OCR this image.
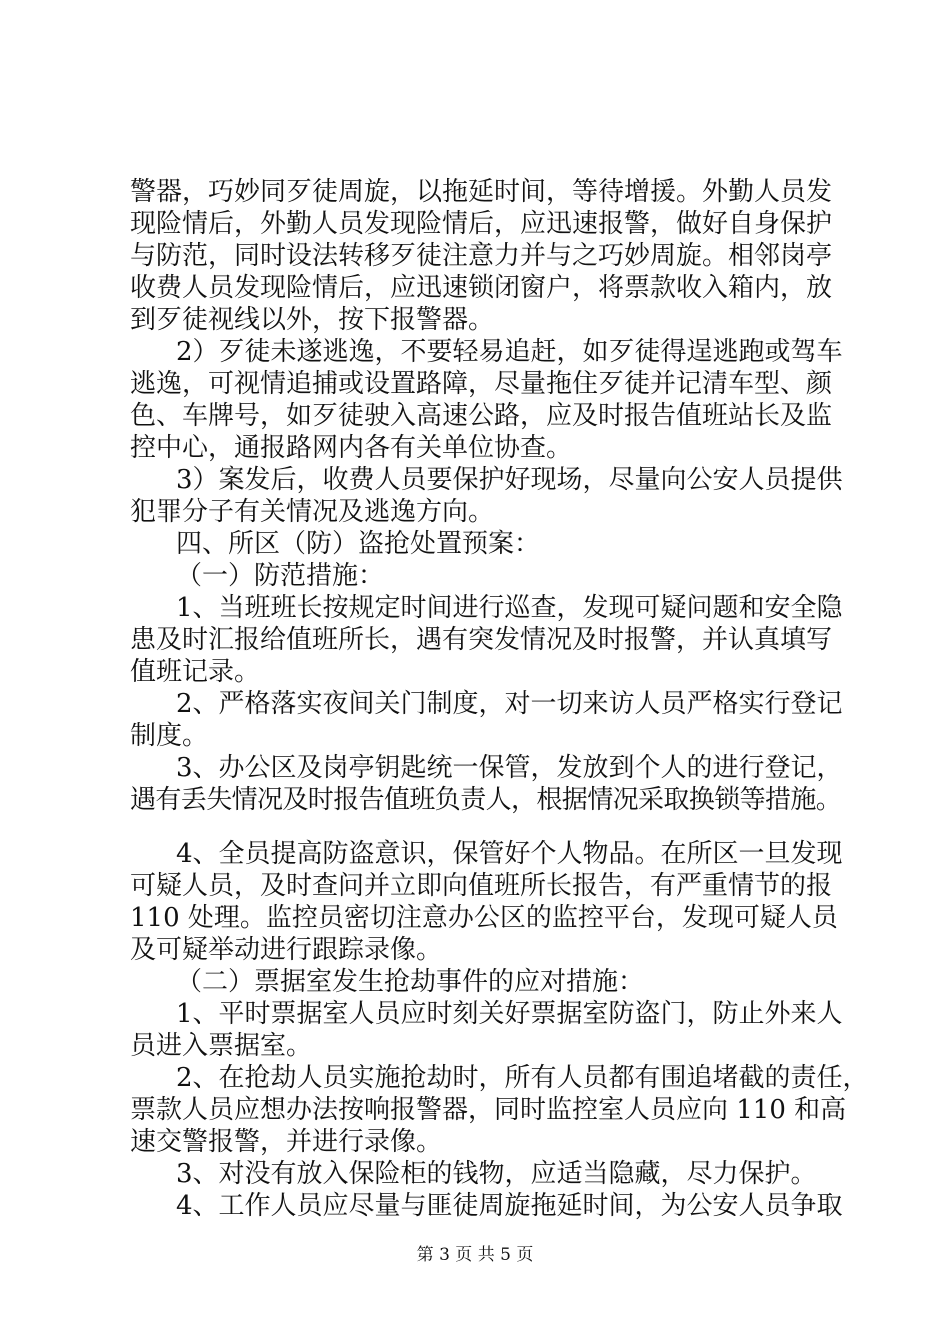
警器，巧妙同歹徒周旋，以拖延时间，等待增援。外勤人员发
现险情后，外勤人员发现险情后，应迅速报警，做好自身保护
与防范，同时设法转移歹徒注意力并与之巧妙周旋。相邻岗亭
收费人员发现险情后，应迅速锁闭窗户，将票款收入箱内，放
到歹徒视线以外，按下报警器。
2）歹徒未遂逃逸，不要轻易追赶，如歹徒得逞逃跑或驾车
逃逸，可视情追捕或设置路障，尽量拖住歹徒并记清车型、颜
色、车牌号，如歹徒驶入高速公路，应及时报告值班站长及监
控中心，通报路网内各有关单位协查。
3）案发后，收费人员要保护好现场，尽量向公安人员提供
犯罪分子有关情况及逃逸方向。
四、所区（防）盗抢处置预案：
（一）防范措施：
1、当班班长按规定时间进行巡查，发现可疑问题和安全隐
患及时汇报给值班所长，遇有突发情况及时报警，并认真填写
值班记录。
2、严格落实夜间关门制度，对一切来访人员严格实行登记
制度。
3、办公区及岗亭钥匙统一保管，发放到个人的进行登记，
遇有丢失情况及时报告值班负责人，根据情况采取换锁等措施。
4、全员提高防盗意识，保管好个人物品。在所区一旦发现
可疑人员，及时查问并立即向值班所长报告，有严重情节的报
110 处理。监控员密切注意办公区的监控平台，发现可疑人员
及可疑举动进行跟踪录像。
（二）票据室发生抢劫事件的应对措施：
1、平时票据室人员应时刻关好票据室防盗门，防止外来人
员进入票据室。
2、在抢劫人员实施抢劫时，所有人员都有围追堵截的责任，
票款人员应想办法按响报警器，同时监控室人员应向 110 和高
速交警报警，并进行录像。
3、对没有放入保险柜的钱物，应适当隐藏，尽力保护。
4、工作人员应尽量与匪徒周旋拖延时间，为公安人员争取
第 3 页 共 5 页
